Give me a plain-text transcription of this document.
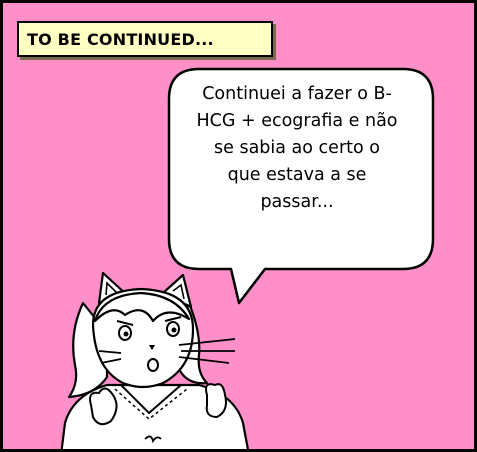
Continuei a fazer o B-
HCG + ecografia e não
se sabia ao certo o
que estava a se
passar...
TO BE CONTINUED...
